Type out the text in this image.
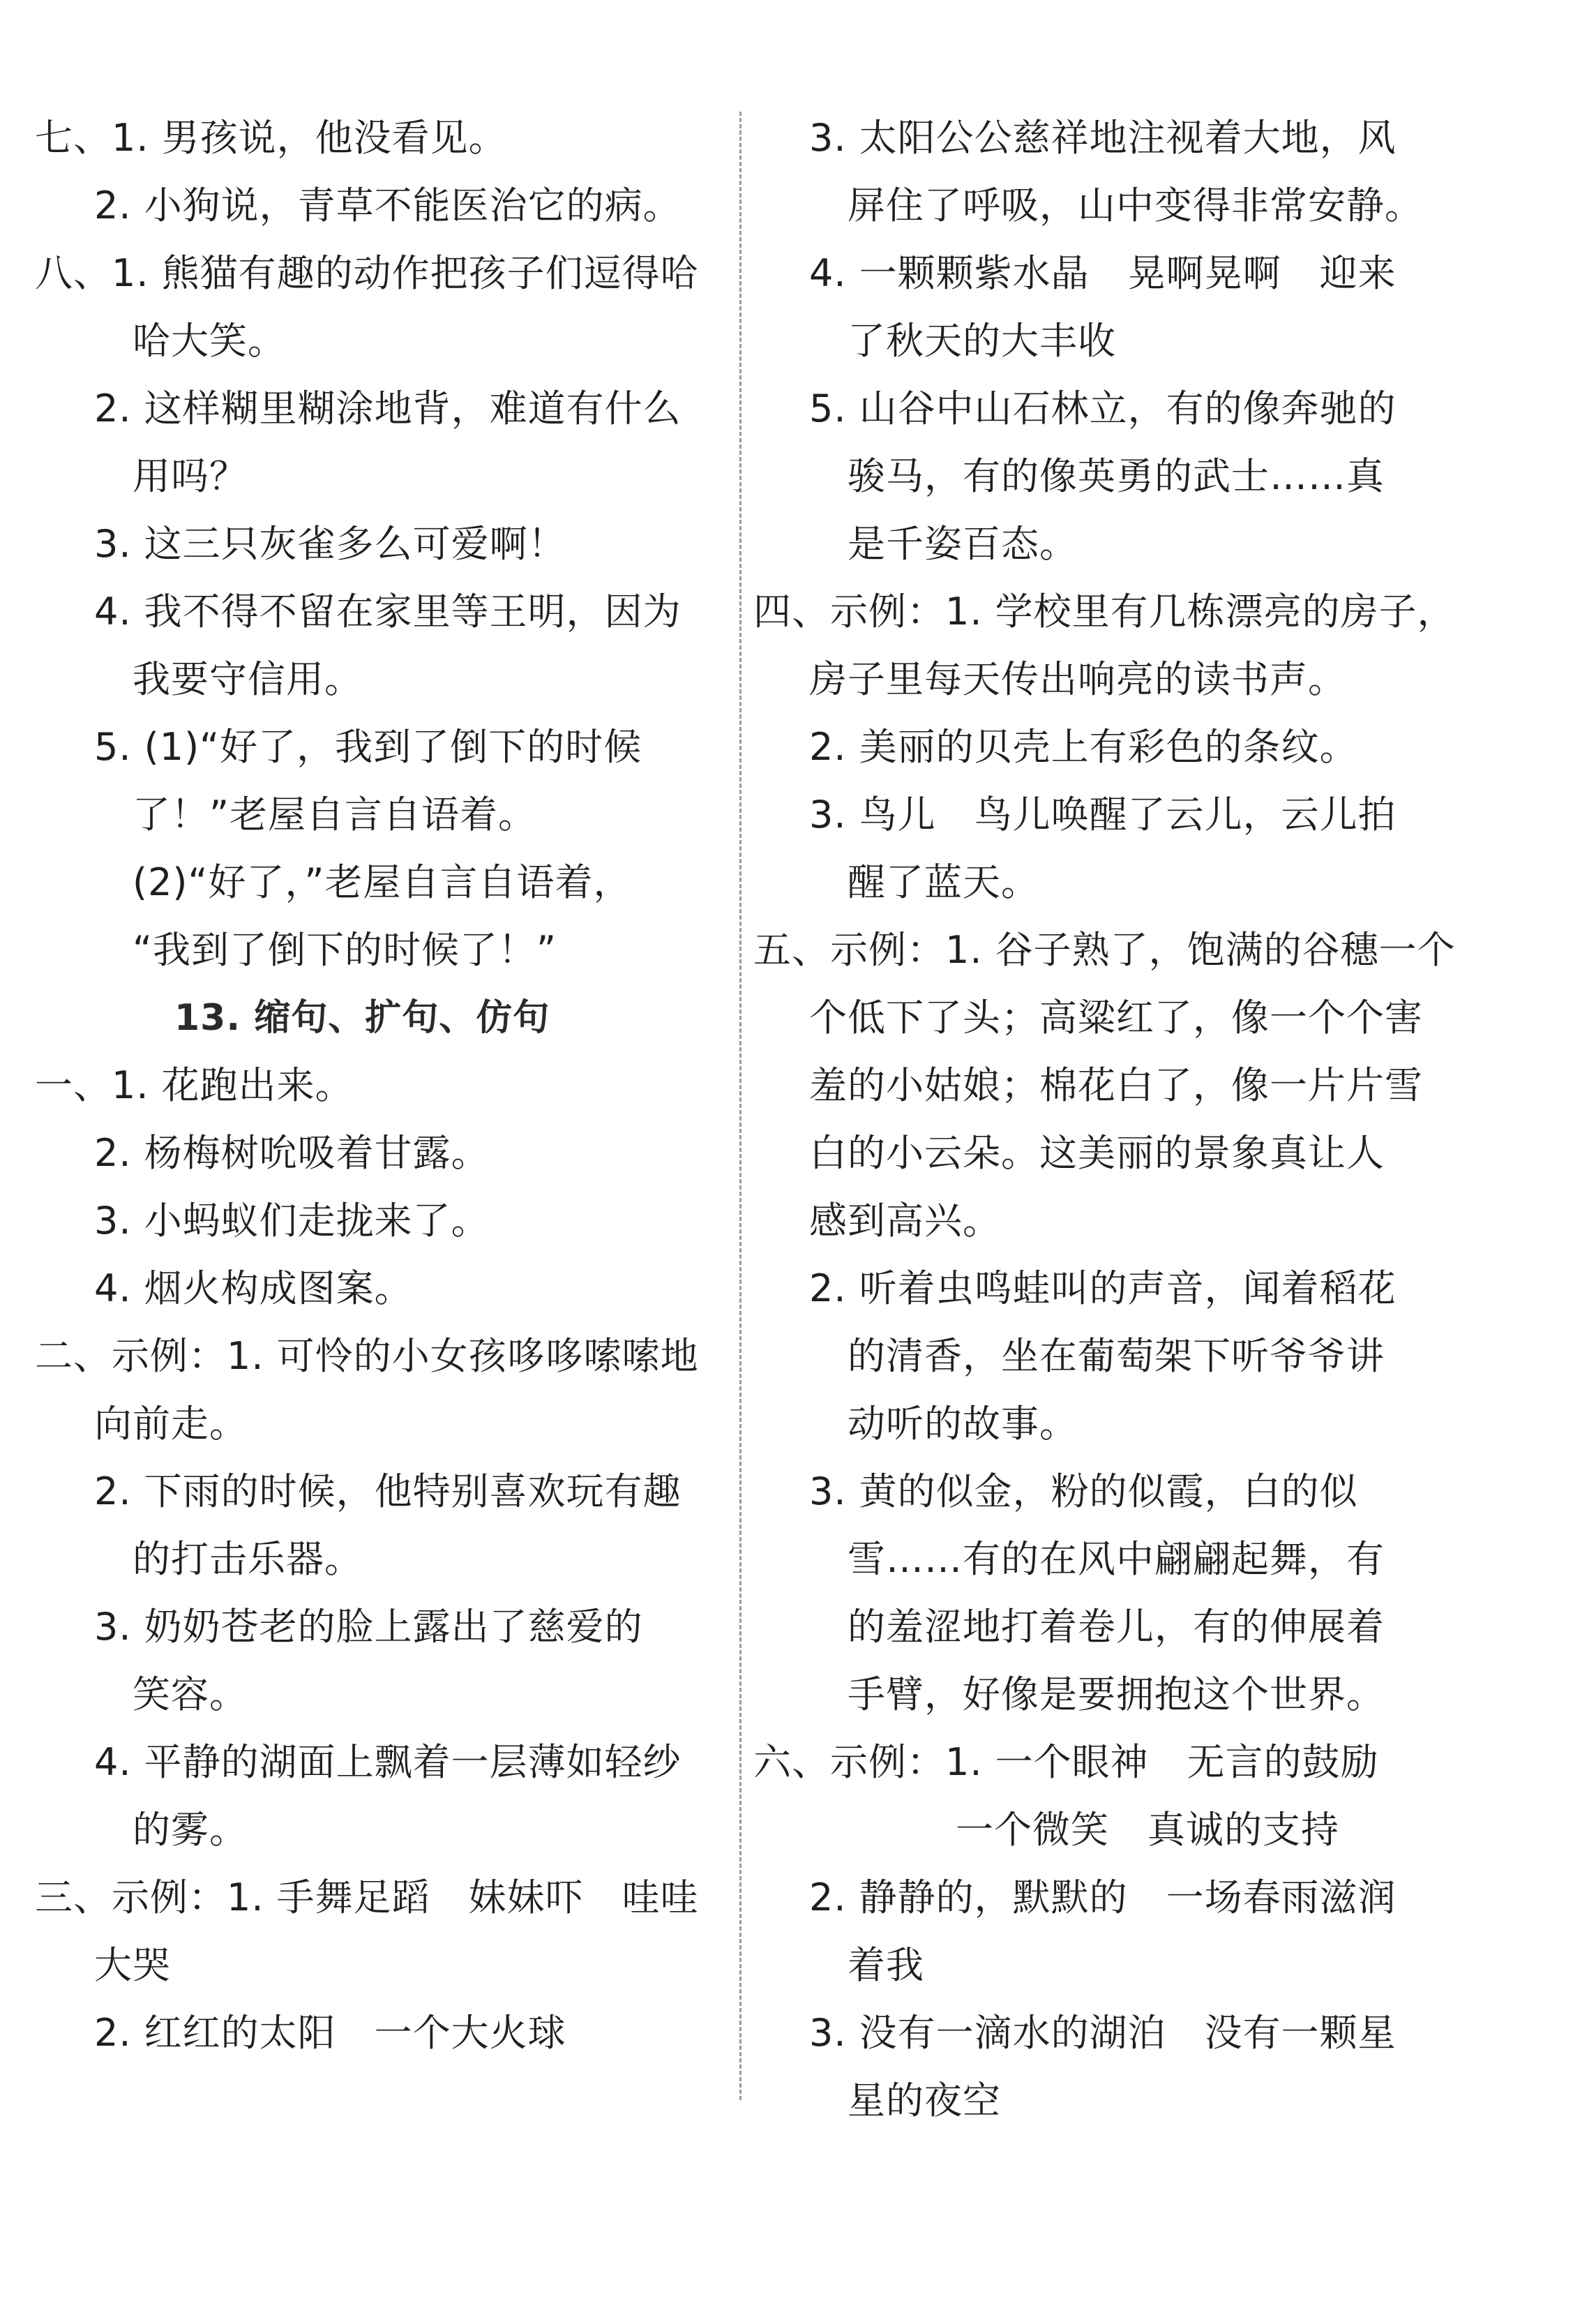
七、1. 男孩说，他没看见。
2. 小狗说，青草不能医治它的病。
八、1. 熊猫有趣的动作把孩子们逗得哈
哈大笑。
2. 这样糊里糊涂地背，难道有什么
用吗？
3. 这三只灰雀多么可爱啊！
4. 我不得不留在家里等王明，因为
我要守信用。
5. (1)“好了，我到了倒下的时候
了！”老屋自言自语着。
(2)“好了，”老屋自言自语着，
“我到了倒下的时候了！”
13. 缩句、扩句、仿句
一、1. 花跑出来。
2. 杨梅树吮吸着甘露。
3. 小蚂蚁们走拢来了。
4. 烟火构成图案。
二、示例：1. 可怜的小女孩哆哆嗦嗦地
向前走。
2. 下雨的时候，他特别喜欢玩有趣
的打击乐器。
3. 奶奶苍老的脸上露出了慈爱的
笑容。
4. 平静的湖面上飘着一层薄如轻纱
的雾。
三、示例：1. 手舞足蹈　妹妹吓　哇哇
大哭
2. 红红的太阳　一个大火球
3. 太阳公公慈祥地注视着大地，风
屏住了呼吸，山中变得非常安静。
4. 一颗颗紫水晶　晃啊晃啊　迎来
了秋天的大丰收
5. 山谷中山石林立，有的像奔驰的
骏马，有的像英勇的武士……真
是千姿百态。
四、示例：1. 学校里有几栋漂亮的房子，
房子里每天传出响亮的读书声。
2. 美丽的贝壳上有彩色的条纹。
3. 鸟儿　鸟儿唤醒了云儿，云儿拍
醒了蓝天。
五、示例：1. 谷子熟了，饱满的谷穗一个
个低下了头；高粱红了，像一个个害
羞的小姑娘；棉花白了，像一片片雪
白的小云朵。这美丽的景象真让人
感到高兴。
2. 听着虫鸣蛙叫的声音，闻着稻花
的清香，坐在葡萄架下听爷爷讲
动听的故事。
3. 黄的似金，粉的似霞，白的似
雪……有的在风中翩翩起舞，有
的羞涩地打着卷儿，有的伸展着
手臂，好像是要拥抱这个世界。
六、示例：1. 一个眼神　无言的鼓励
一个微笑　真诚的支持
2. 静静的，默默的　一场春雨滋润
着我
3. 没有一滴水的湖泊　没有一颗星
星的夜空
